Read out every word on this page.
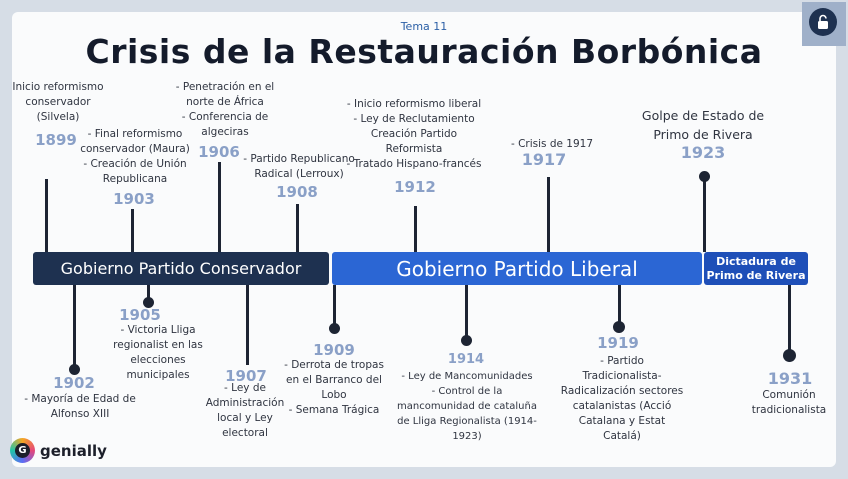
Tema 11
Crisis de la Restauración Borbónica
Gobierno Partido Conservador	Gobierno Partido Liberal	Dictadura de Primo de Rivera
Inicio reformismo conservador (Silvela)
1899	- Final reformismo conservador (Maura)
- Creación de Unión Republicana
1903
- Penetración en el norte de África
- Conferencia de algeciras
1906 - Partido Republicano Radical (Lerroux)
1908
- Inicio reformismo liberal
- Ley de Reclutamiento
Creación Partido Reformista
- Tratado Hispano-francés
1912
- Crisis de 1917
1917
Golpe de Estado de Primo de Rivera
1923
1902
- Mayoría de Edad de Alfonso XIII
1905
- Victoria Lliga regionalist en las elecciones municipales	1907
- Ley de Administración local y Ley electoral
1909
- Derrota de tropas en el Barranco del Lobo
- Semana Trágica
1914
- Ley de Mancomunidades
- Control de la mancomunidad de cataluña de Lliga Regionalista (1914-1923)
1919
- Partido Tradicionalista-Radicalización sectores catalanistas (Acció Catalana y Estat Catalá)
1931
Comunión tradicionalista
G genially
